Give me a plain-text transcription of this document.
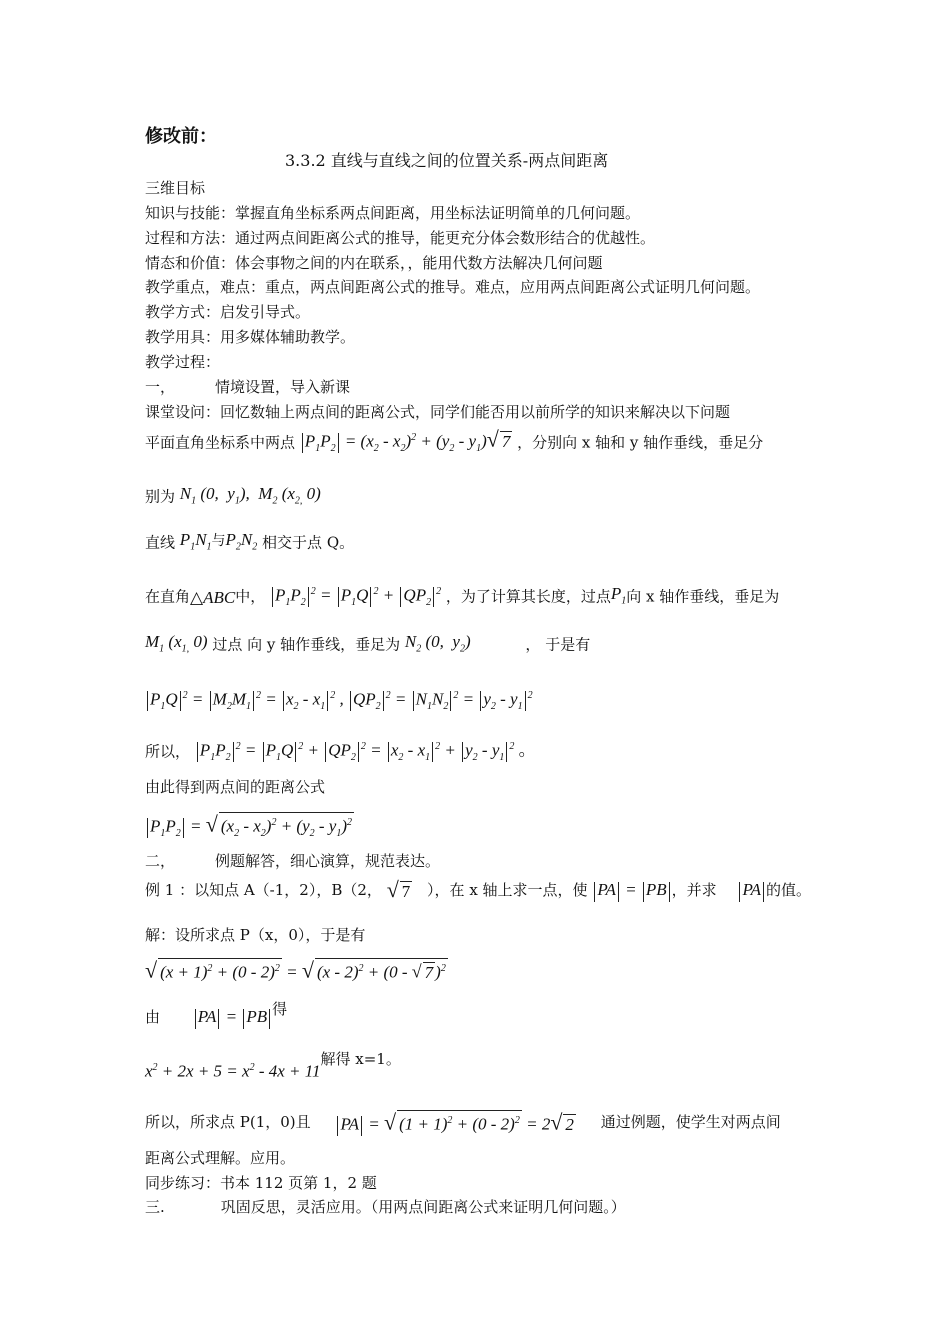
修改前：
3.3.2 直线与直线之间的位置关系-两点间距离
三维目标
知识与技能：掌握直角坐标系两点间距离，用坐标法证明简单的几何问题。
过程和方法：通过两点间距离公式的推导，能更充分体会数形结合的优越性。
情态和价值：体会事物之间的内在联系，，能用代数方法解决几何问题
教学重点，难点：重点，两点间距离公式的推导。难点，应用两点间距离公式证明几何问题。
教学方式：启发引导式。
教学用具：用多媒体辅助教学。
教学过程：
一，	情境设置，导入新课
课堂设问：回忆数轴上两点间的距离公式，同学们能否用以前所学的知识来解决以下问题
平面直角坐标系中两点 $P_1P_2 = (x_2 - x_2)^2 + (y_2 - y_1)√$ 7 ，分别向 x 轴和 y 轴作垂线，垂足分
别为 $N_1$ (0,  $y_1$),  $M_2$ ($x_{2,}$ 0)
直线 $P_1N_1$与$P_2N_2$ 相交于点 Q。
在直角△ABC中， $P_1P_2^2 = P_1Q$ $^2 + QP_2^2$ ，为了计算其长度，过点$P_1$向 x 轴作垂线，垂足为
$M_1$ ($x_{1,}$ 0) 过点 向 y 轴作垂线，垂足为 $N_2$ (0,  $y_2$)	， 于是有
$P_1Q$ $^2 = M_2M_1^2 = x_2 - x_1^2$ , $QP_2^2 = N_1N_2^2 = y_2 - y_1^2$
所以， $P_1P_2^2 = P_1Q$ $^2 + QP_2^2 = x_2 - x_1^2 + y_2 - y_1^2$ 。
由此得到两点间的距离公式
$P_1P_2$ = √ $(x_2 - x_2)^2 + (y_2 - y_1)^2$
二，	例题解答，细心演算，规范表达。
例 1 ：以知点 A（-1，2），B（2， √ 7 ），在 x 轴上求一点，使 PA = PB ，并求 PA 的值。
解：设所求点 P（x，0），于是有
√ $(x + 1)^2 + (0 - 2)^2$ = √ (x - 2)$^2$ + (0 - √ 7 )$^2$
由 PA = PB 得
$x^2 + 2x + 5 = x^2 - 4x + 11$解得 x=1。
所以，所求点 P(1，0)且 PA = √ $(1 + 1)^2 + (0 - 2)^2 = 2√$ 2 通过例题，使学生对两点间
距离公式理解。应用。
同步练习：书本 112 页第 1，2 题
三.	巩固反思，灵活应用。（用两点间距离公式来证明几何问题。）
